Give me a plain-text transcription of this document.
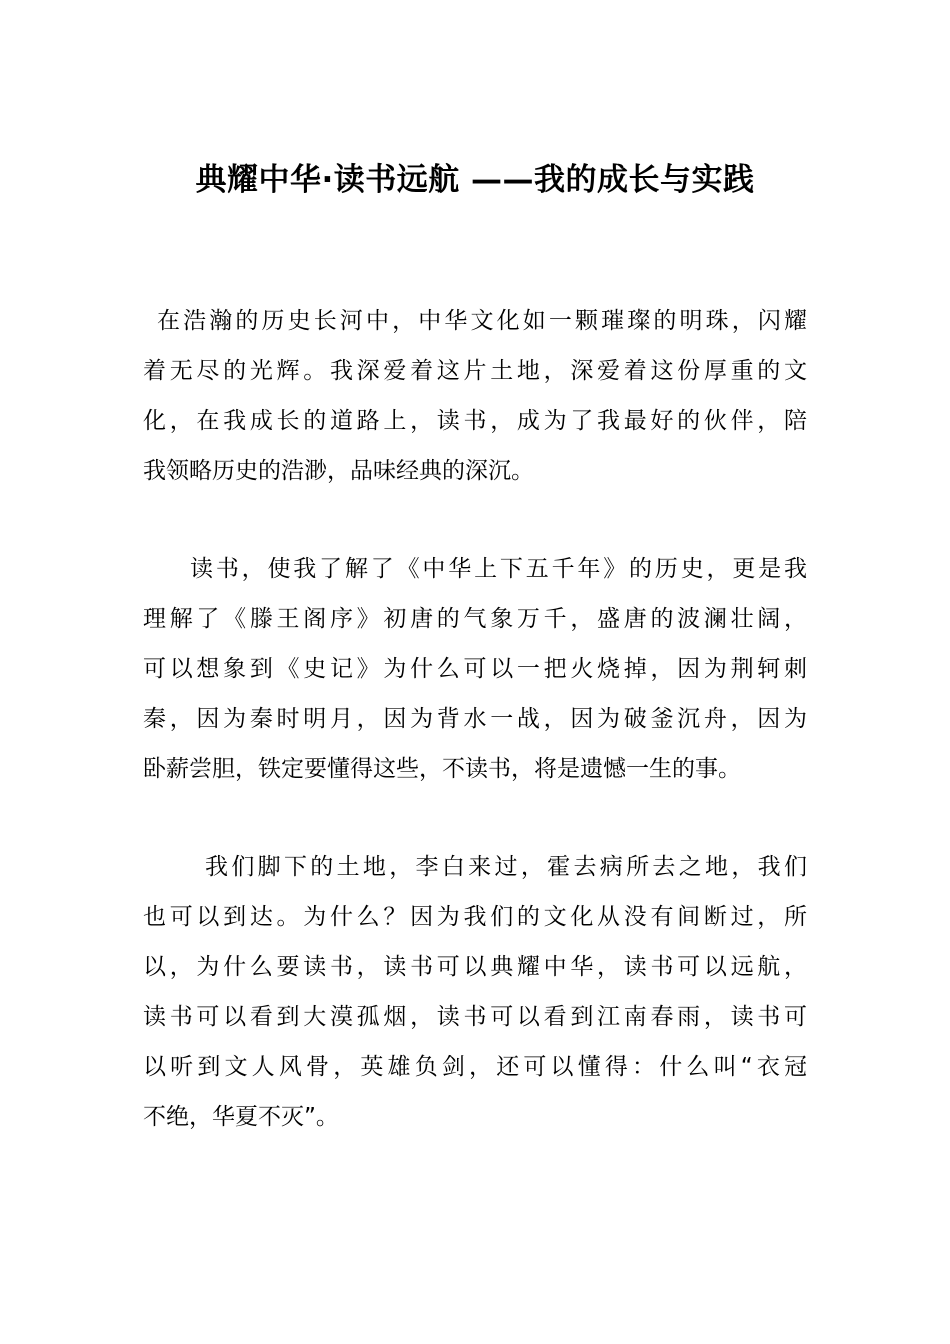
典耀中华·读书远航 ——我的成长与实践
在浩瀚的历史长河中，中华文化如一颗璀璨的明珠，闪耀
着无尽的光辉。我深爱着这片土地，深爱着这份厚重的文
化，在我成长的道路上，读书，成为了我最好的伙伴，陪
我领略历史的浩渺，品味经典的深沉。
读书，使我了解了《中华上下五千年》的历史，更是我
理解了《滕王阁序》初唐的气象万千，盛唐的波澜壮阔，
可以想象到《史记》为什么可以一把火烧掉，因为荆轲刺
秦，因为秦时明月，因为背水一战，因为破釜沉舟，因为
卧薪尝胆，铁定要懂得这些，不读书，将是遗憾一生的事。
我们脚下的土地，李白来过，霍去病所去之地，我们
也可以到达。为什么？因为我们的文化从没有间断过，所
以，为什么要读书，读书可以典耀中华，读书可以远航，
读书可以看到大漠孤烟，读书可以看到江南春雨，读书可
以听到文人风骨，英雄负剑，还可以懂得：什么叫“衣冠
不绝，华夏不灭”。
